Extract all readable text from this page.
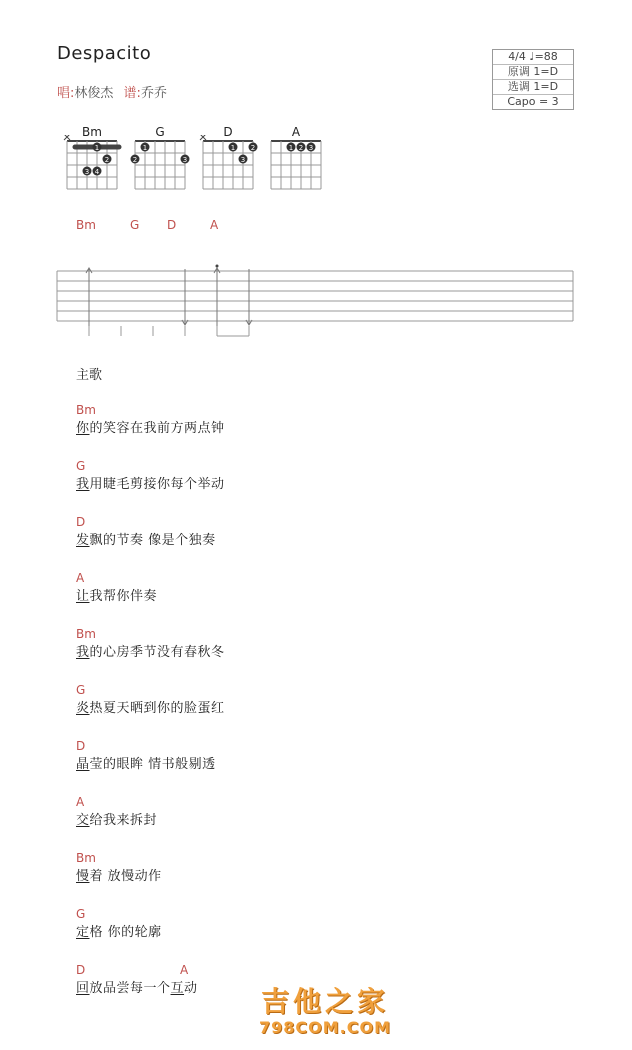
Despacito
唱:林俊杰 谱:乔乔
4/4 ♩=88
原调 1=D
选调 1=D
Capo = 3
Bm
1
2
3 4
G
1
2	3
D
1 2
3
A
1 2 3
Bm	G D	A
主歌
Bm
你的笑容在我前方两点钟
G
我用睫毛剪接你每个举动
D
发飘的节奏 像是个独奏
A
让我帮你伴奏
Bm
我的心房季节没有春秋冬
G
炎热夏天晒到你的脸蛋红
D
晶莹的眼眸 情书般剔透
A
交给我来拆封
Bm
慢着 放慢动作
G
定格 你的轮廓
D	A
回放品尝每一个互动	吉他之家
798COM.COM
